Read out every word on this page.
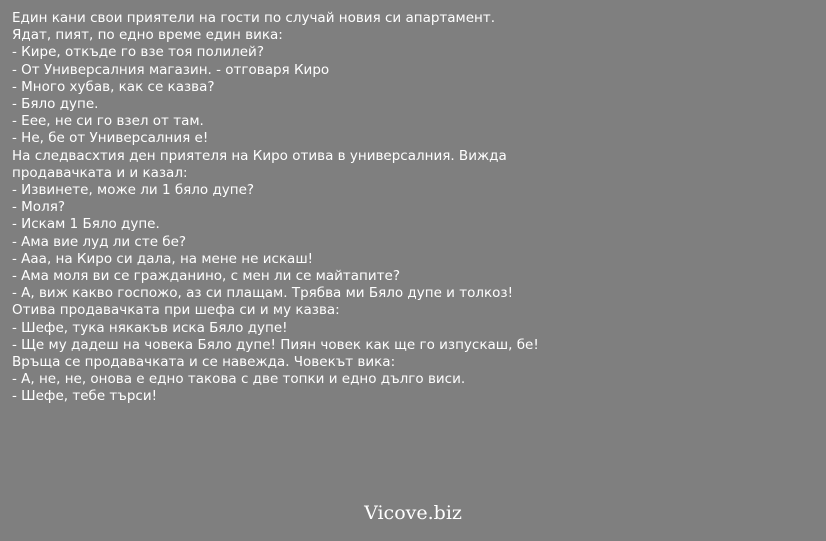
Един кани свои приятели на гости по случай новия си апартамент.
Ядат, пият, по едно време един вика:
- Кире, откъде го взе тоя полилей?
- От Универсалния магазин. - отговаря Киро
- Много хубав, как се казва?
- Бяло дупе.
- Еее, не си го взел от там.
- Не, бе от Универсалния е!
На следвасхтия ден приятеля на Киро отива в универсалния. Вижда
продавачката и и казал:
- Извинете, може ли 1 бяло дупе?
- Моля?
- Искам 1 Бяло дупе.
- Ама вие луд ли сте бе?
- Ааа, на Киро си дала, на мене не искаш!
- Ама моля ви се гражданино, с мен ли се майтапите?
- А, виж какво госпожо, аз си плащам. Трябва ми Бяло дупе и толкоз!
Отива продавачката при шефа си и му казва:
- Шефе, тука някакъв иска Бяло дупе!
- Ще му дадеш на човека Бяло дупе! Пиян човек как ще го изпускаш, бе!
Връща се продавачката и се навежда. Човекът вика:
- А, не, не, онова е едно такова с две топки и едно дълго виси.
- Шефе, тебе търси!
Vicove.biz
